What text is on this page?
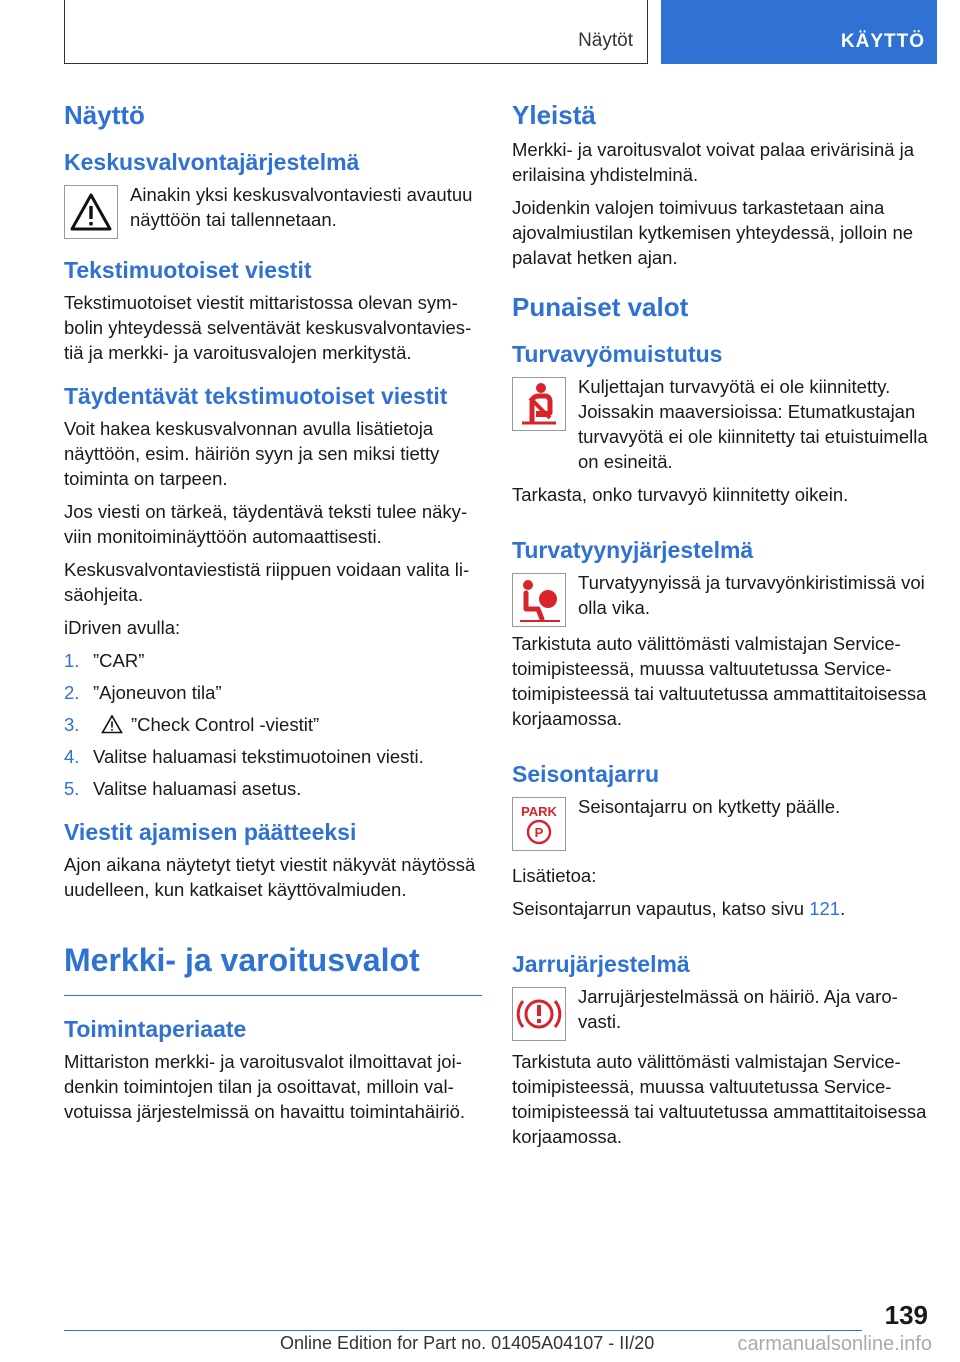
Näytöt	KÄYTTÖ
Näyttö
Keskusvalvontajärjestelmä

Ainakin yksi keskusvalvontaviesti avautuu näyttöön tai tallennetaan.

Tekstimuotoiset viestit

Tekstimuotoiset viestit mittaristossa olevan symbolin yhteydessä selventävät keskusvalvontaviestiä ja merkki- ja varoitusvalojen merkitystä.

Täydentävät tekstimuotoiset viestit

Voit hakea keskusvalvonnan avulla lisätietoja näyttöön, esim. häiriön syyn ja sen miksi tietty toiminta on tarpeen.

Jos viesti on tärkeä, täydentävä teksti tulee näkyviin monitoiminäyttöön automaattisesti.

Keskusvalvontaviestistä riippuen voidaan valita lisäohjeita.

iDriven avulla:

1. ”CAR”
2. ”Ajoneuvon tila”
3.	”Check Control -viestit”
4. Valitse haluamasi tekstimuotoinen viesti.
5. Valitse haluamasi asetus.
Viestit ajamisen päätteeksi

Ajon aikana näytetyt tietyt viestit näkyvät näytössä uudelleen, kun katkaiset käyttövalmiuden.

Merkki- ja varoitusvalot
Toimintaperiaate

Mittariston merkki- ja varoitusvalot ilmoittavat joidenkin toimintojen tilan ja osoittavat, milloin valvotuissa järjestelmissä on havaittu toimintahäiriö.

Yleistä

Merkki- ja varoitusvalot voivat palaa erivärisinä ja erilaisina yhdistelminä.

Joidenkin valojen toimivuus tarkastetaan aina ajovalmiustilan kytkemisen yhteydessä, jolloin ne palavat hetken ajan.

Punaiset valot
Turvavyömuistutus

Kuljettajan turvavyötä ei ole kiinnitetty. Joissakin maaversioissa: Etumatkustajan turvavyötä ei ole kiinnitetty tai etuistuimella on esineitä.

Tarkasta, onko turvavyö kiinnitetty oikein.

Turvatyynyjärjestelmä

Turvatyynyissä ja turvavyönkiristimissä voi olla vika.

Tarkistuta auto välittömästi valmistajan Service-toimipisteessä, muussa valtuutetussa Service-toimipisteessä tai valtuutetussa ammattitaitoisessa korjaamossa.

Seisontajarru
PARK
P

Seisontajarru on kytketty päälle.

Lisätietoa:

Seisontajarrun vapautus, katso sivu 121.

Jarrujärjestelmä

Jarrujärjestelmässä on häiriö. Aja varovasti.

Tarkistuta auto välittömästi valmistajan Service-toimipisteessä, muussa valtuutetussa Service-toimipisteessä tai valtuutetussa ammattitaitoisessa korjaamossa.

139
Online Edition for Part no. 01405A04107 - II/20	carmanualsonline.info
